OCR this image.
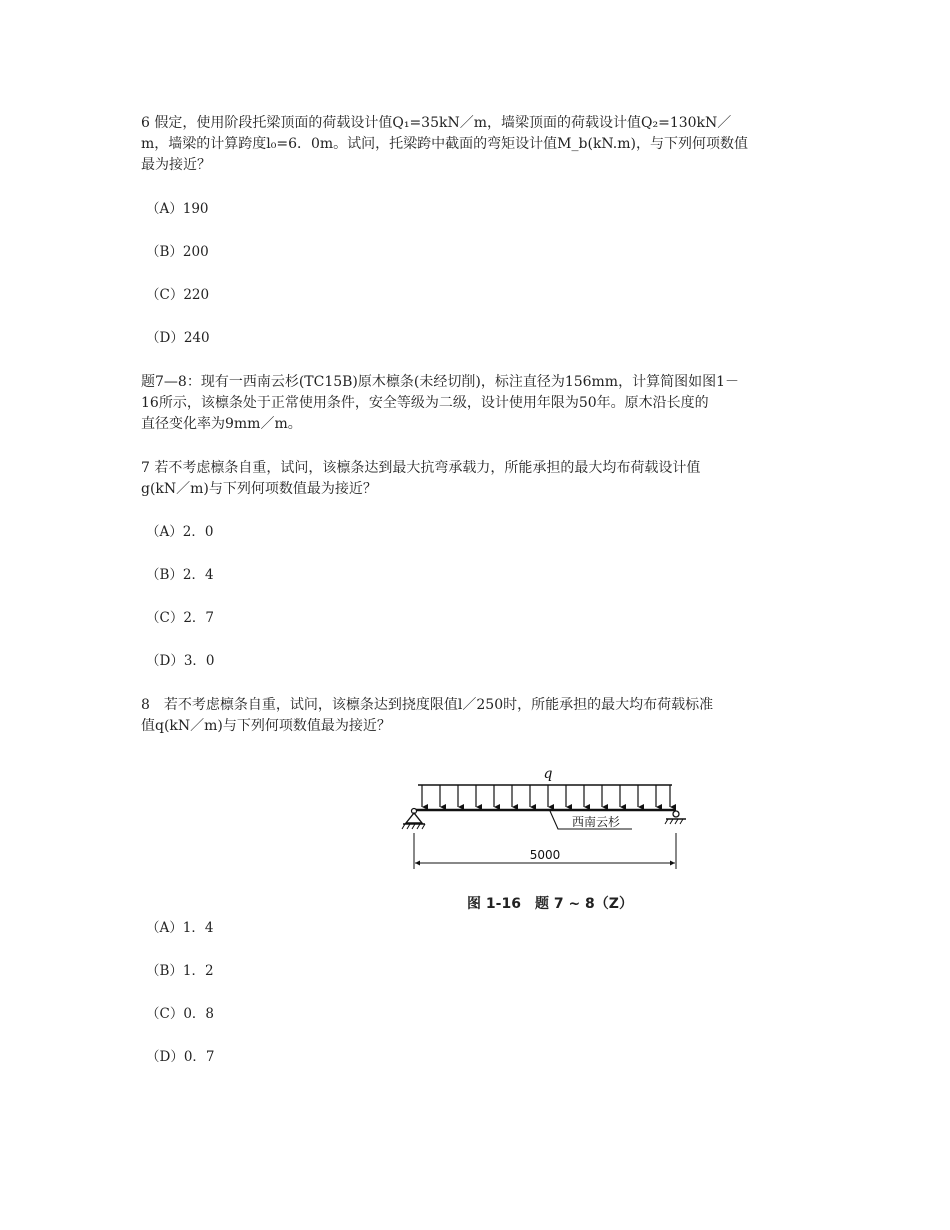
6 假定，使用阶段托梁顶面的荷载设计值Q₁=35kN／m，墙梁顶面的荷载设计值Q₂=130kN／

m，墙梁的计算跨度l₀=6．0m。试问，托梁跨中截面的弯矩设计值M_b(kN.m)，与下列何项数值

最为接近？

（A）190

（B）200

（C）220

（D）240

题7—8：现有一西南云杉(TC15B)原木檩条(未经切削)，标注直径为156mm，计算简图如图1－

16所示，该檩条处于正常使用条件，安全等级为二级，设计使用年限为50年。原木沿长度的

直径变化率为9mm／m。

7 若不考虑檩条自重，试问，该檩条达到最大抗弯承载力，所能承担的最大均布荷载设计值

g(kN／m)与下列何项数值最为接近？

（A）2．0

（B）2．4

（C）2．7

（D）3．0

8　若不考虑檩条自重，试问，该檩条达到挠度限值l／250时，所能承担的最大均布荷载标准

值q(kN／m)与下列何项数值最为接近？

q
西南云杉
5000
图 1-16　题 7 ~ 8（Z）

（A）1．4

（B）1．2

（C）0．8

（D）0．7
